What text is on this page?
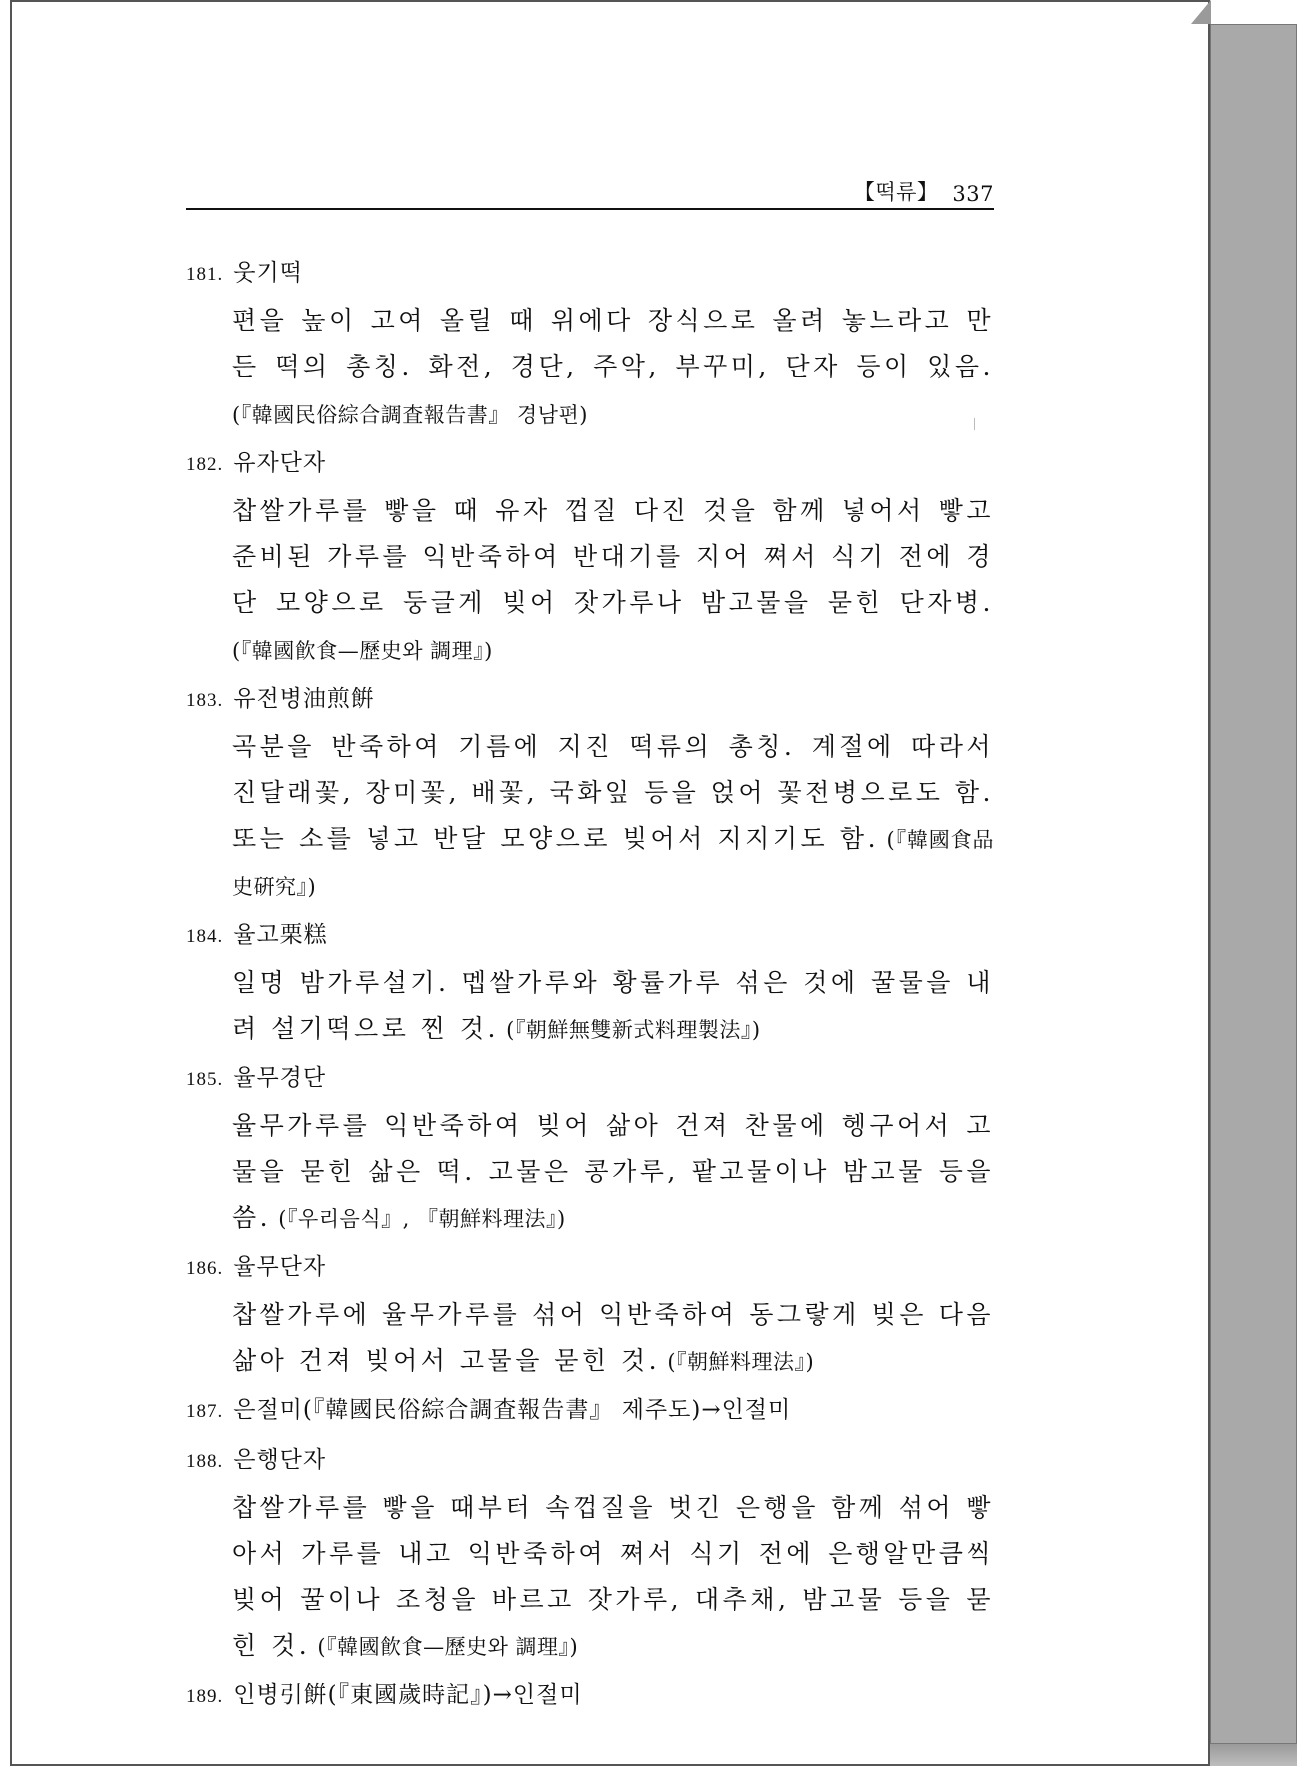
【떡류】 337
181. 웃기떡
편을 높이 고여 올릴 때 위에다 장식으로 올려 놓느라고 만든 떡의 총칭. 화전, 경단, 주악, 부꾸미, 단자 등이 있음. (『韓國民俗綜合調査報告書』 경남편)
182. 유자단자
찹쌀가루를 빻을 때 유자 껍질 다진 것을 함께 넣어서 빻고 준비된 가루를 익반죽하여 반대기를 지어 쪄서 식기 전에 경단 모양으로 둥글게 빚어 잣가루나 밤고물을 묻힌 단자병. (『韓國飮食—歷史와 調理』)
183. 유전병油煎餠
곡분을 반죽하여 기름에 지진 떡류의 총칭. 계절에 따라서 진달래꽃, 장미꽃, 배꽃, 국화잎 등을 얹어 꽃전병으로도 함. 또는 소를 넣고 반달 모양으로 빚어서 지지기도 함. (『韓國食品史硏究』)
184. 율고栗糕
일명 밤가루설기. 멥쌀가루와 황률가루 섞은 것에 꿀물을 내려 설기떡으로 찐 것. (『朝鮮無雙新式料理製法』)
185. 율무경단
율무가루를 익반죽하여 빚어 삶아 건져 찬물에 헹구어서 고물을 묻힌 삶은 떡. 고물은 콩가루, 팥고물이나 밤고물 등을 씀. (『우리음식』, 『朝鮮料理法』)
186. 율무단자
찹쌀가루에 율무가루를 섞어 익반죽하여 동그랗게 빚은 다음 삶아 건져 빚어서 고물을 묻힌 것. (『朝鮮料理法』)
187. 은절미(『韓國民俗綜合調査報告書』 제주도)→인절미
188. 은행단자
찹쌀가루를 빻을 때부터 속껍질을 벗긴 은행을 함께 섞어 빻아서 가루를 내고 익반죽하여 쪄서 식기 전에 은행알만큼씩 빚어 꿀이나 조청을 바르고 잣가루, 대추채, 밤고물 등을 묻힌 것. (『韓國飮食—歷史와 調理』)
189. 인병引餠(『東國歲時記』)→인절미
